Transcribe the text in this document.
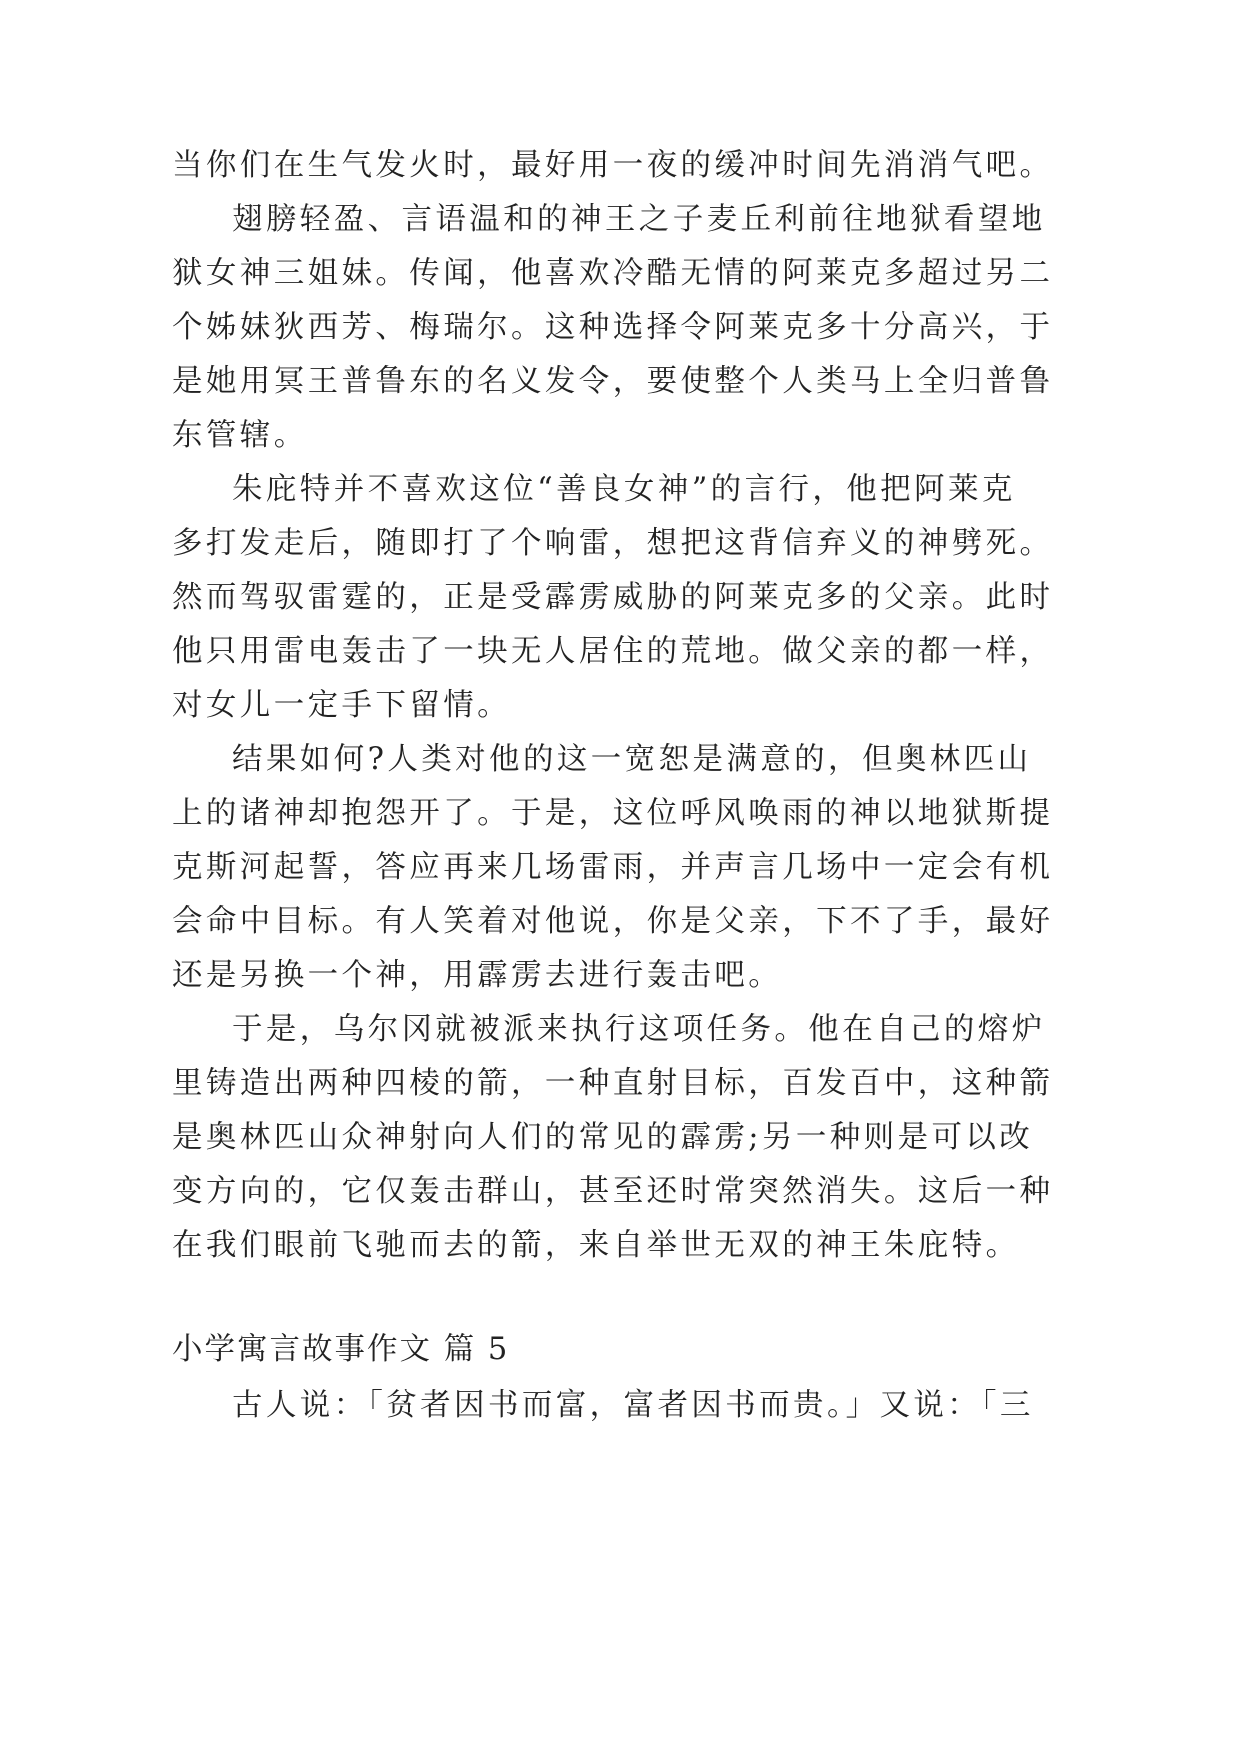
当你们在生气发火时，最好用一夜的缓冲时间先消消气吧。
翅膀轻盈、言语温和的神王之子麦丘利前往地狱看望地
狱女神三姐妹。传闻，他喜欢冷酷无情的阿莱克多超过另二
个姊妹狄西芳、梅瑞尔。这种选择令阿莱克多十分高兴，于
是她用冥王普鲁东的名义发令，要使整个人类马上全归普鲁
东管辖。
朱庇特并不喜欢这位“善良女神”的言行，他把阿莱克
多打发走后，随即打了个响雷，想把这背信弃义的神劈死。
然而驾驭雷霆的，正是受霹雳威胁的阿莱克多的父亲。此时
他只用雷电轰击了一块无人居住的荒地。做父亲的都一样，
对女儿一定手下留情。
结果如何?人类对他的这一宽恕是满意的，但奥林匹山
上的诸神却抱怨开了。于是，这位呼风唤雨的神以地狱斯提
克斯河起誓，答应再来几场雷雨，并声言几场中一定会有机
会命中目标。有人笑着对他说，你是父亲，下不了手，最好
还是另换一个神，用霹雳去进行轰击吧。
于是，乌尔冈就被派来执行这项任务。他在自己的熔炉
里铸造出两种四棱的箭，一种直射目标，百发百中，这种箭
是奥林匹山众神射向人们的常见的霹雳;另一种则是可以改
变方向的，它仅轰击群山，甚至还时常突然消失。这后一种
在我们眼前飞驰而去的箭，来自举世无双的神王朱庇特。
小学寓言故事作文 篇 5
古人说：「贫者因书而富，富者因书而贵。」又说：「三
